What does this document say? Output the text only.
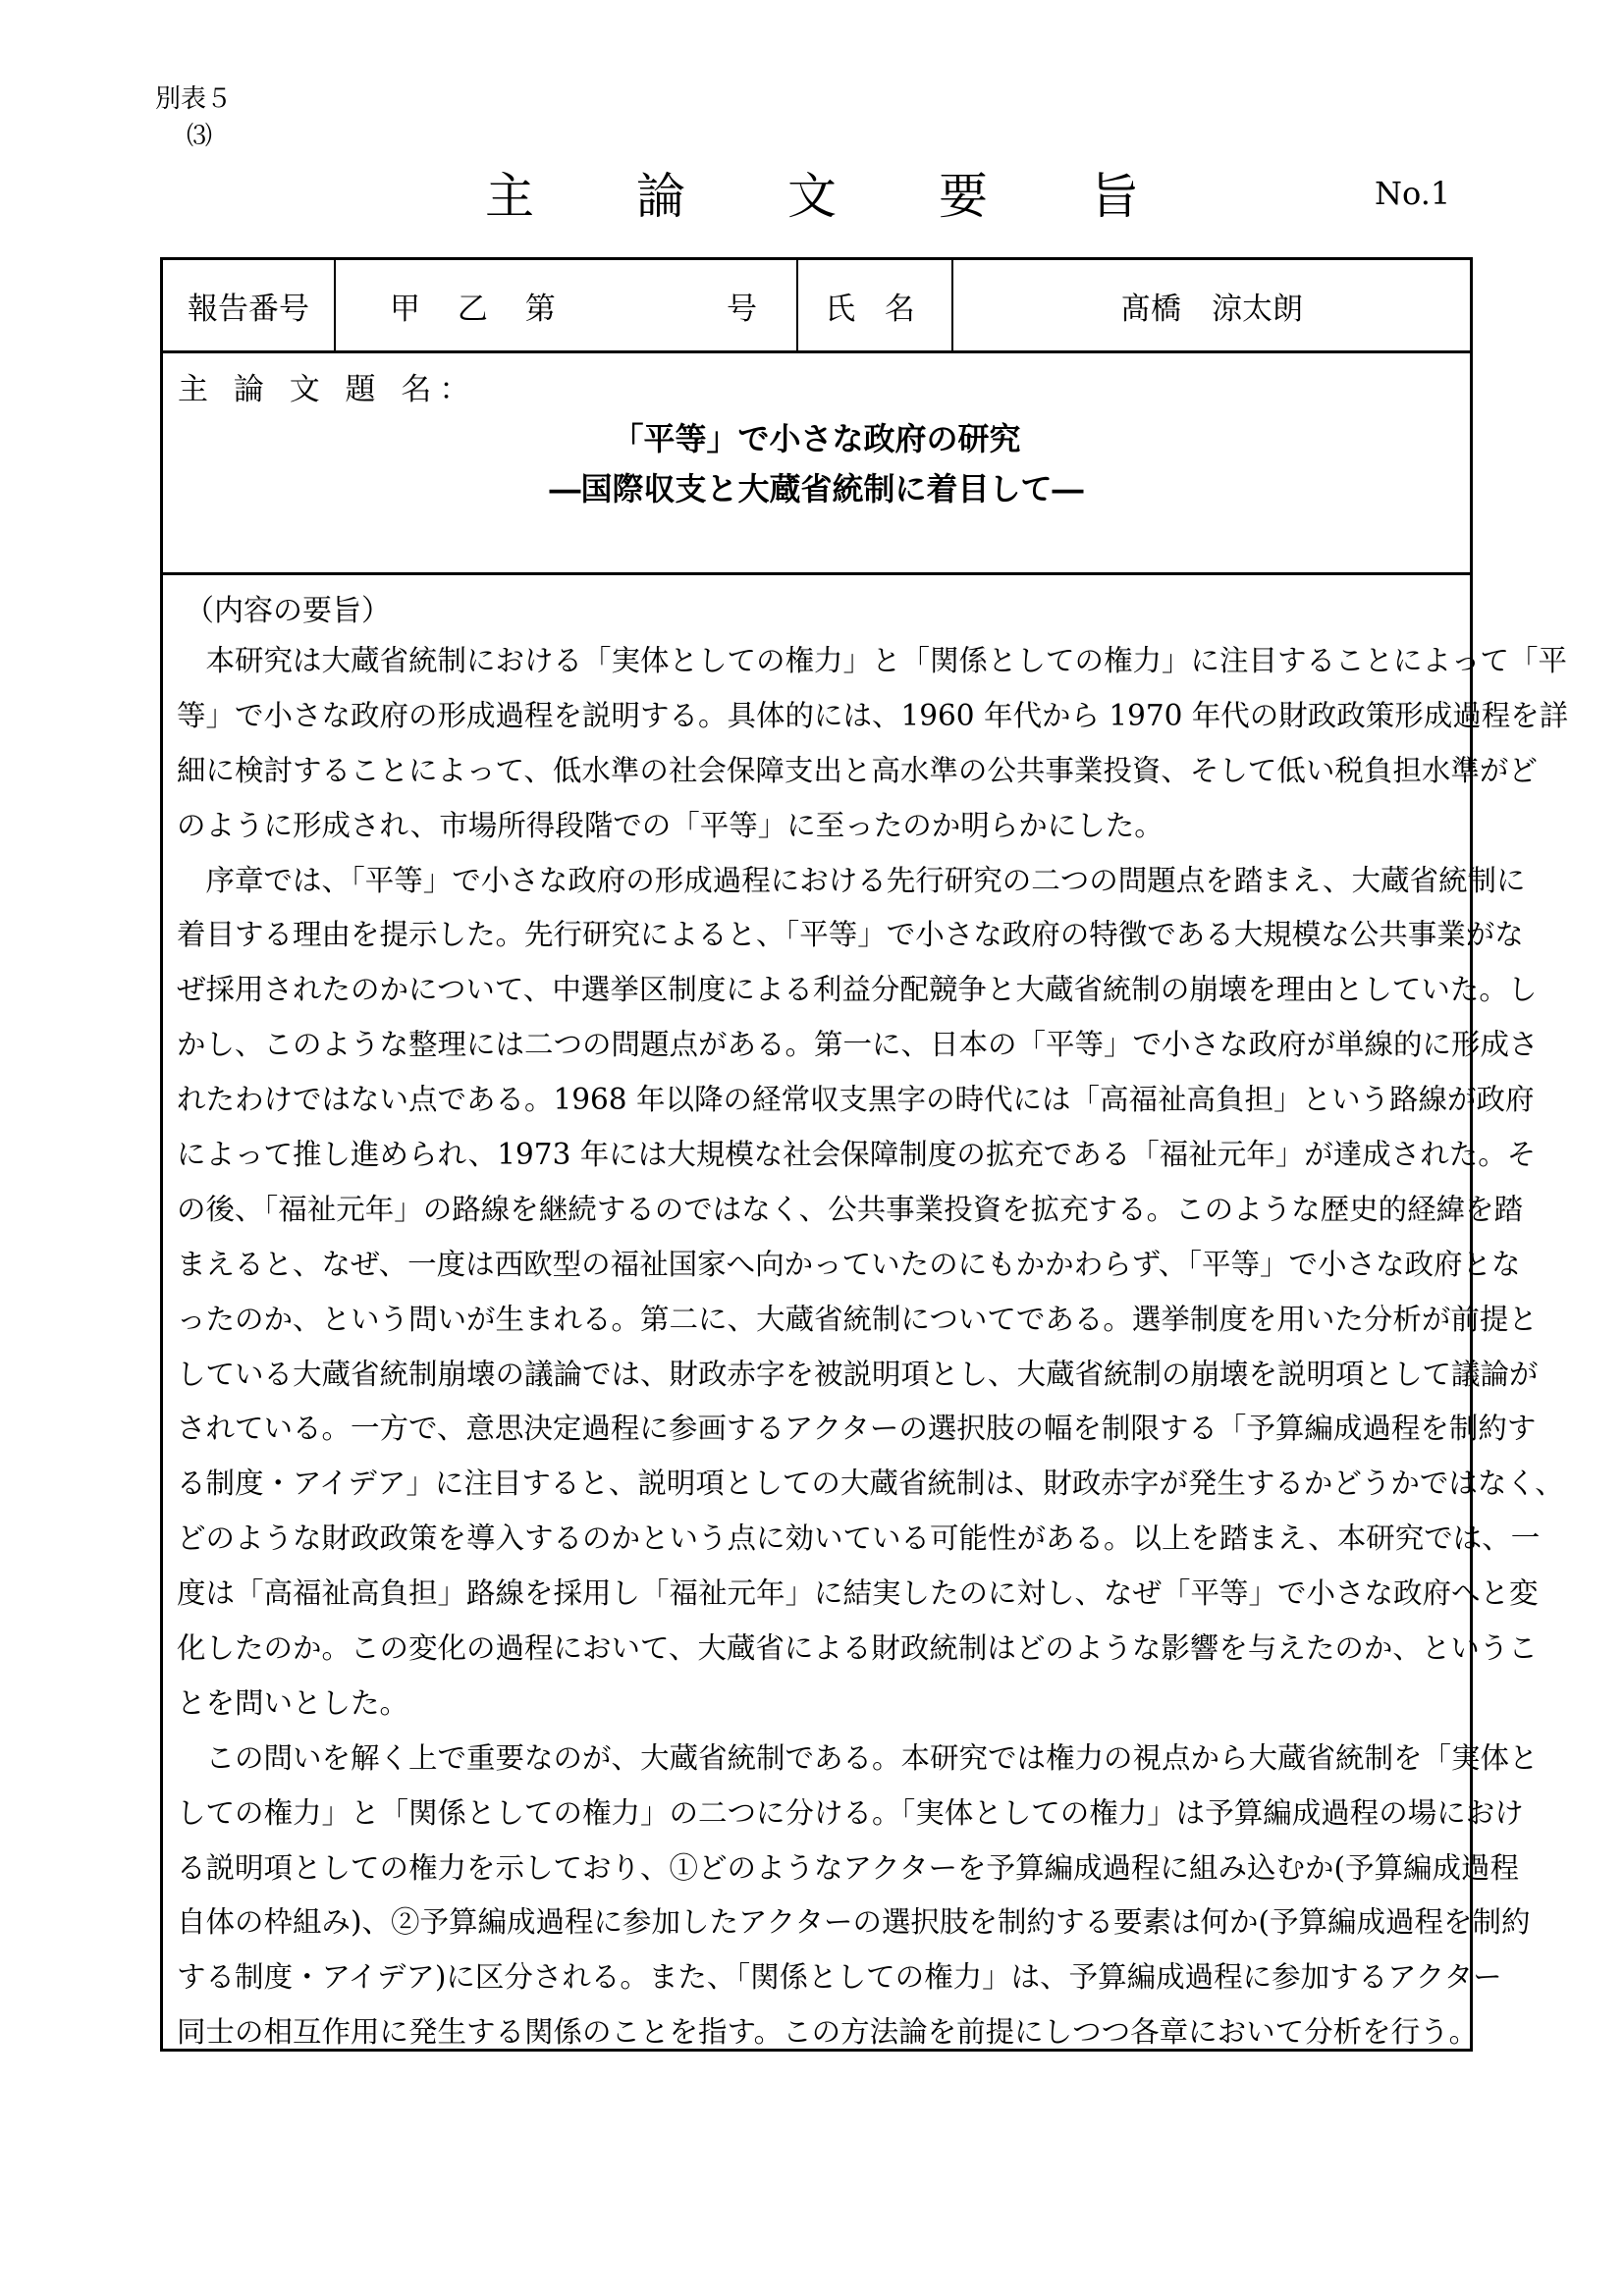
別表５
⑶
主 論 文 要 旨	No.1
報告番号	甲 乙 第	号	氏 名	髙橋　涼太朗
主 論 文 題 名：
「平等」で小さな政府の研究
―国際収支と大蔵省統制に着目して―
（内容の要旨）
　本研究は大蔵省統制における「実体としての権力」と「関係としての権力」に注目することによって「平
等」で小さな政府の形成過程を説明する。具体的には、1960 年代から 1970 年代の財政政策形成過程を詳
細に検討することによって、低水準の社会保障支出と高水準の公共事業投資、そして低い税負担水準がど
のように形成され、市場所得段階での「平等」に至ったのか明らかにした。
　序章では、「平等」で小さな政府の形成過程における先行研究の二つの問題点を踏まえ、大蔵省統制に
着目する理由を提示した。先行研究によると、「平等」で小さな政府の特徴である大規模な公共事業がな
ぜ採用されたのかについて、中選挙区制度による利益分配競争と大蔵省統制の崩壊を理由としていた。し
かし、このような整理には二つの問題点がある。第一に、日本の「平等」で小さな政府が単線的に形成さ
れたわけではない点である。1968 年以降の経常収支黒字の時代には「高福祉高負担」という路線が政府
によって推し進められ、1973 年には大規模な社会保障制度の拡充である「福祉元年」が達成された。そ
の後、「福祉元年」の路線を継続するのではなく、公共事業投資を拡充する。このような歴史的経緯を踏
まえると、なぜ、一度は西欧型の福祉国家へ向かっていたのにもかかわらず、「平等」で小さな政府とな
ったのか、という問いが生まれる。第二に、大蔵省統制についてである。選挙制度を用いた分析が前提と
している大蔵省統制崩壊の議論では、財政赤字を被説明項とし、大蔵省統制の崩壊を説明項として議論が
されている。一方で、意思決定過程に参画するアクターの選択肢の幅を制限する「予算編成過程を制約す
る制度・アイデア」に注目すると、説明項としての大蔵省統制は、財政赤字が発生するかどうかではなく、
どのような財政政策を導入するのかという点に効いている可能性がある。以上を踏まえ、本研究では、一
度は「高福祉高負担」路線を採用し「福祉元年」に結実したのに対し、なぜ「平等」で小さな政府へと変
化したのか。この変化の過程において、大蔵省による財政統制はどのような影響を与えたのか、というこ
とを問いとした。
　この問いを解く上で重要なのが、大蔵省統制である。本研究では権力の視点から大蔵省統制を「実体と
しての権力」と「関係としての権力」の二つに分ける。「実体としての権力」は予算編成過程の場におけ
る説明項としての権力を示しており、①どのようなアクターを予算編成過程に組み込むか(予算編成過程
自体の枠組み)、②予算編成過程に参加したアクターの選択肢を制約する要素は何か(予算編成過程を制約
する制度・アイデア)に区分される。また、「関係としての権力」は、予算編成過程に参加するアクター
同士の相互作用に発生する関係のことを指す。この方法論を前提にしつつ各章において分析を行う。
